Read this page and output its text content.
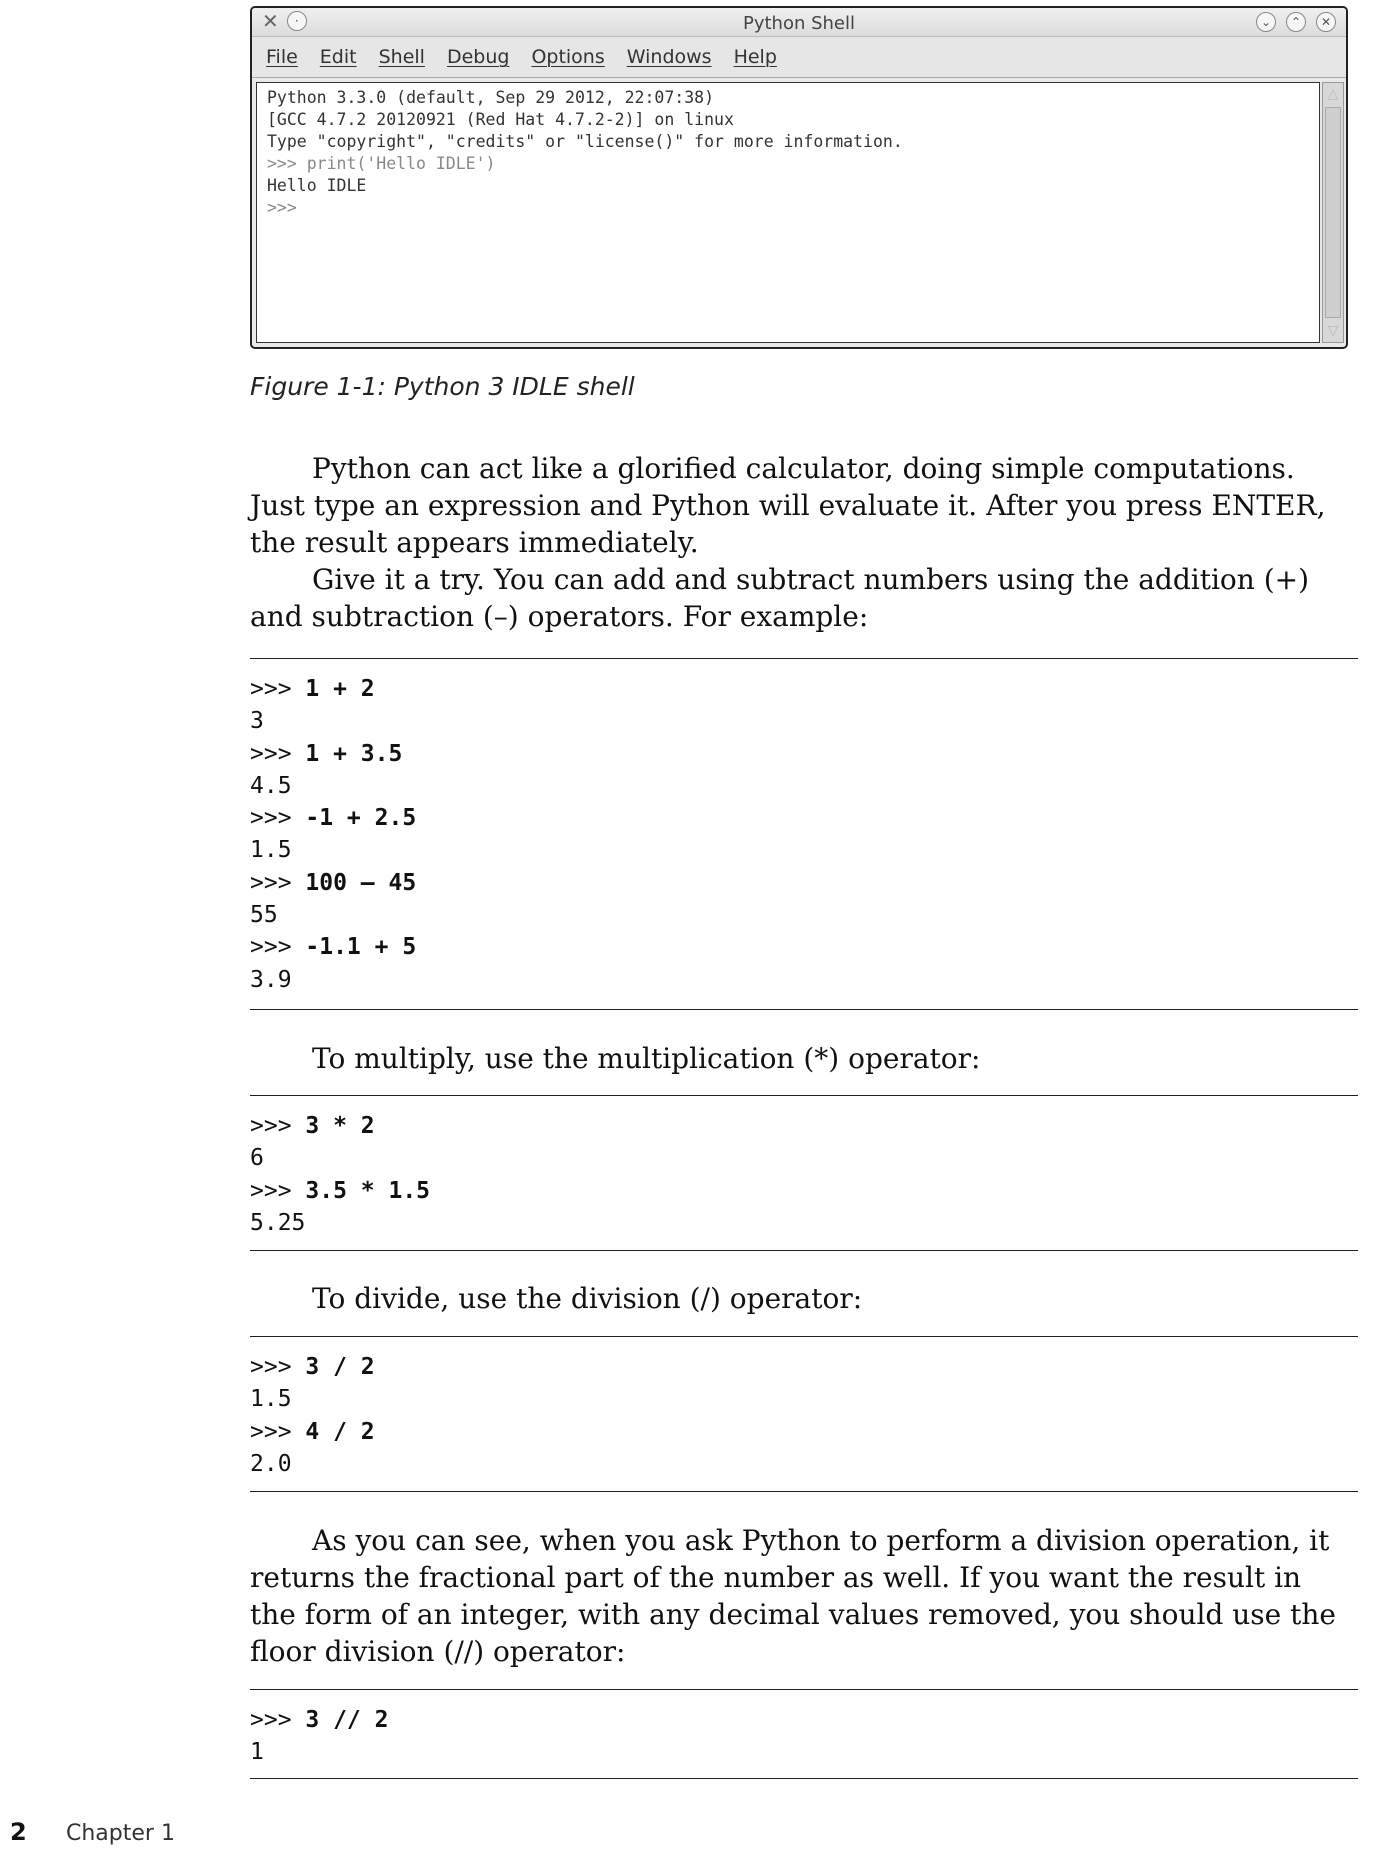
✕	·	Python Shell	⌄	⌃	✕
File Edit Shell Debug Options Windows Help
Python 3.3.0 (default, Sep 29 2012, 22:07:38)
[GCC 4.7.2 20120921 (Red Hat 4.7.2-2)] on linux
Type "copyright", "credits" or "license()" for more information.
>>> print('Hello IDLE')
Hello IDLE
>>>
△
▽
Figure 1-1: Python 3 IDLE shell

Python can act like a glorified calculator, doing simple computations. Just type an expression and Python will evaluate it. After you press ENTER, the result appears immediately.

Give it a try. You can add and subtract numbers using the addition (+) and subtraction (–) operators. For example:

>>> 1 + 2
3
>>> 1 + 3.5
4.5
>>> -1 + 2.5
1.5
>>> 100 – 45
55
>>> -1.1 + 5
3.9

To multiply, use the multiplication (*) operator:

>>> 3 * 2
6
>>> 3.5 * 1.5
5.25

To divide, use the division (/) operator:

>>> 3 / 2
1.5
>>> 4 / 2
2.0

As you can see, when you ask Python to perform a division operation, it returns the fractional part of the number as well. If you want the result in the form of an integer, with any decimal values removed, you should use the floor division (//) operator:

>>> 3 // 2
1
2 Chapter 1
